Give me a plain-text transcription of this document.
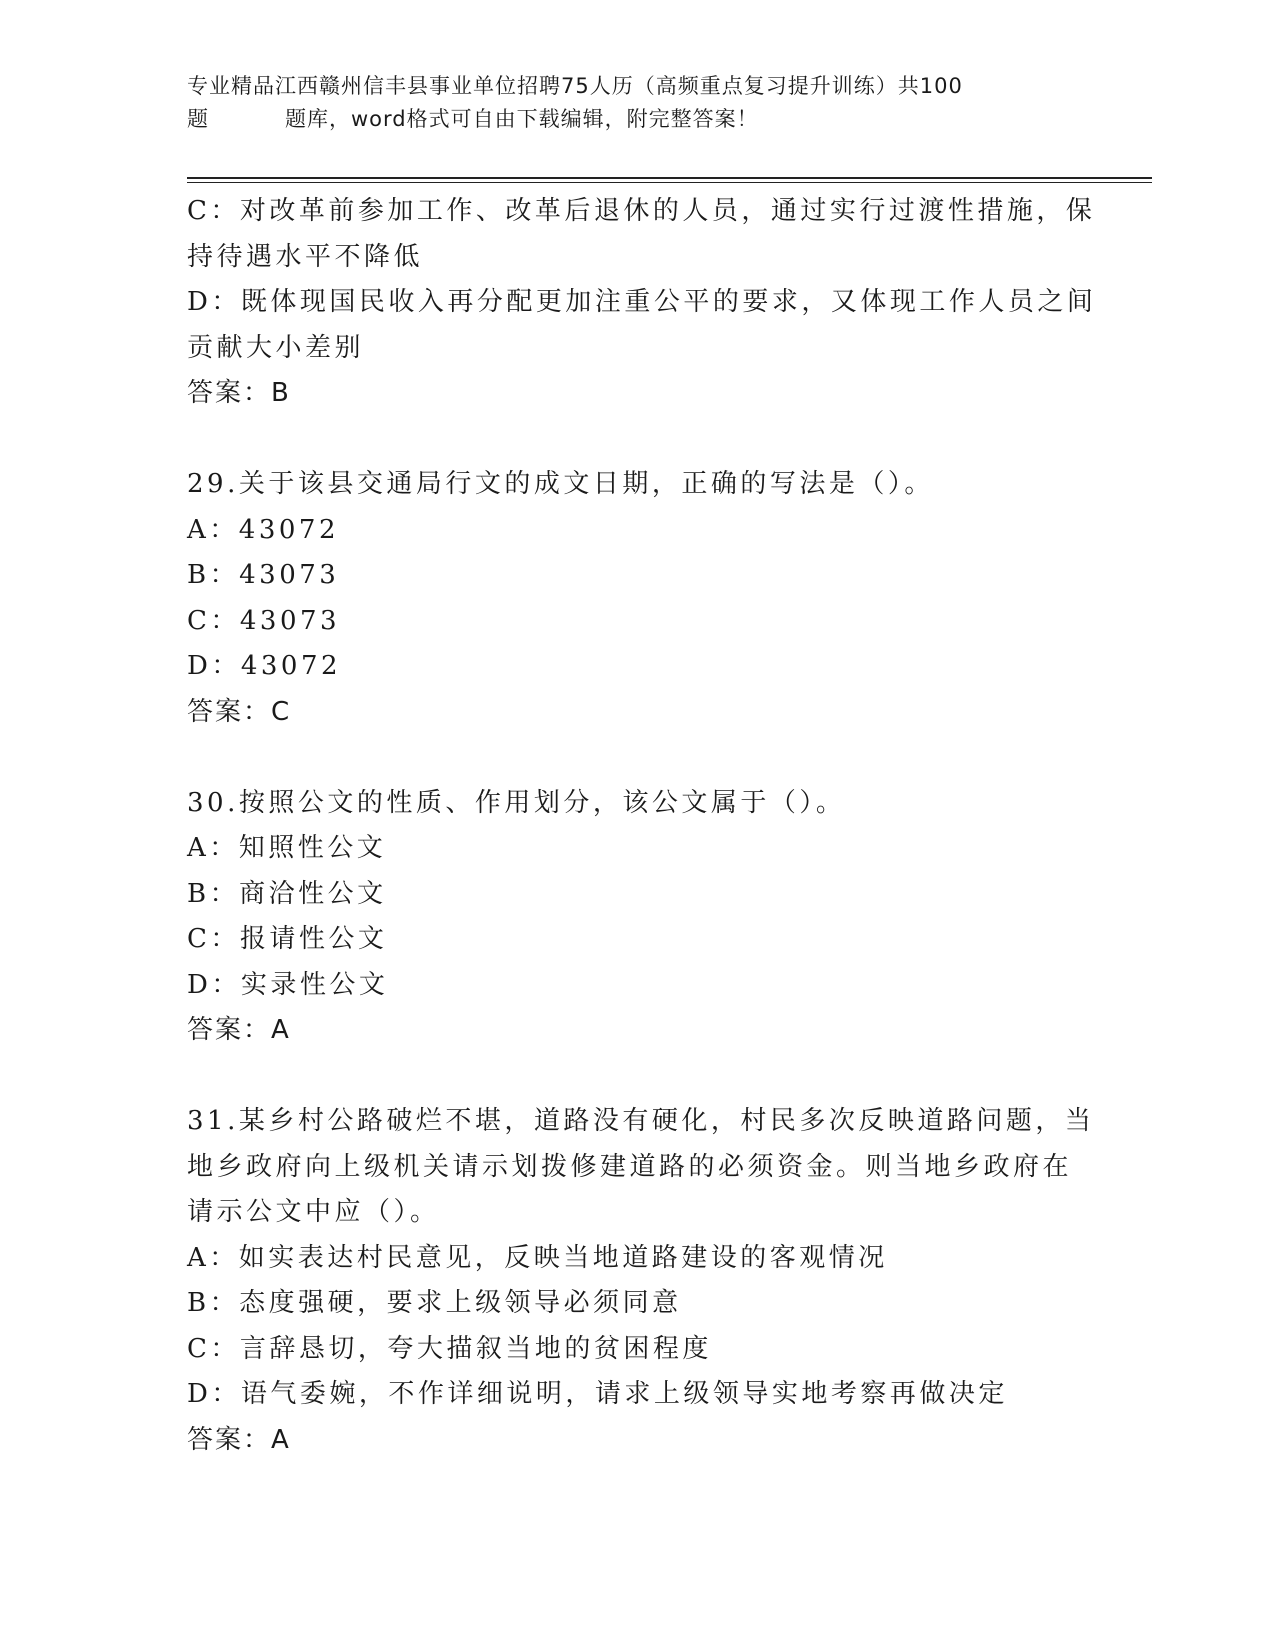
专业精品江西赣州信丰县事业单位招聘75人历（高频重点复习提升训练）共100
题	题库，word格式可自由下载编辑，附完整答案！
C：对改革前参加工作、改革后退休的人员，通过实行过渡性措施，保
持待遇水平不降低
D：既体现国民收入再分配更加注重公平的要求，又体现工作人员之间
贡献大小差别
答案：B
29.关于该县交通局行文的成文日期，正确的写法是（）。
A：43072
B：43073
C：43073
D：43072
答案：C
30.按照公文的性质、作用划分，该公文属于（）。
A：知照性公文
B：商洽性公文
C：报请性公文
D：实录性公文
答案：A
31.某乡村公路破烂不堪，道路没有硬化，村民多次反映道路问题，当
地乡政府向上级机关请示划拨修建道路的必须资金。则当地乡政府在
请示公文中应（）。
A：如实表达村民意见，反映当地道路建设的客观情况
B：态度强硬，要求上级领导必须同意
C：言辞恳切，夸大描叙当地的贫困程度
D：语气委婉，不作详细说明，请求上级领导实地考察再做决定
答案：A
